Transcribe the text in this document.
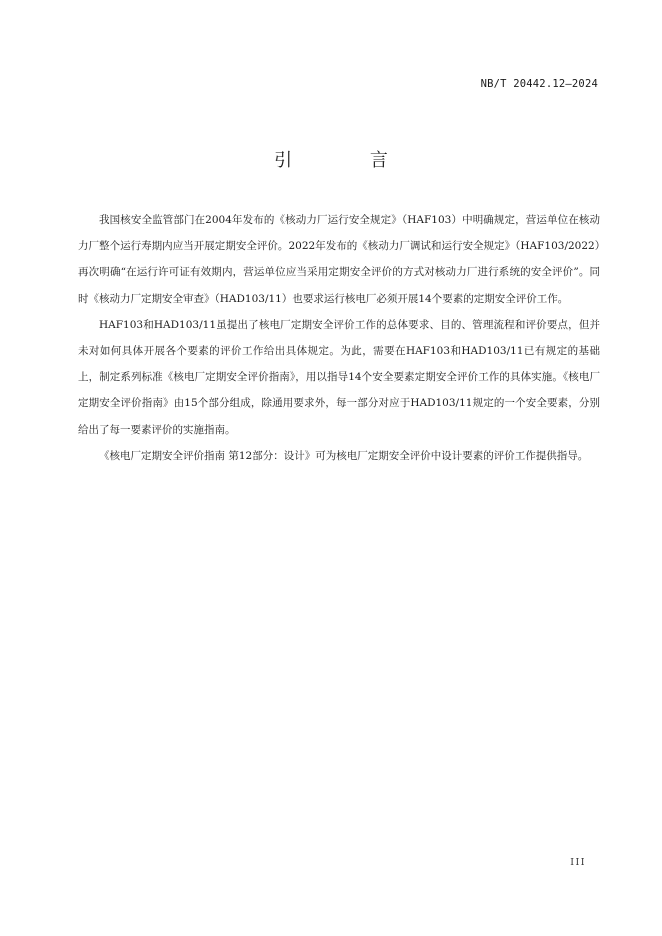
NB/T 20442.12—2024
引 言

我国核安全监管部门在2004年发布的《核动力厂运行安全规定》（HAF103）中明确规定，营运单位在核动力厂整个运行寿期内应当开展定期安全评价。2022年发布的《核动力厂调试和运行安全规定》（HAF103/2022）再次明确“在运行许可证有效期内，营运单位应当采用定期安全评价的方式对核动力厂进行系统的安全评价”。同时《核动力厂定期安全审查》（HAD103/11）也要求运行核电厂必须开展14个要素的定期安全评价工作。

HAF103和HAD103/11虽提出了核电厂定期安全评价工作的总体要求、目的、管理流程和评价要点，但并未对如何具体开展各个要素的评价工作给出具体规定。为此，需要在HAF103和HAD103/11已有规定的基础上，制定系列标准《核电厂定期安全评价指南》，用以指导14个安全要素定期安全评价工作的具体实施。《核电厂定期安全评价指南》由15个部分组成，除通用要求外，每一部分对应于HAD103/11规定的一个安全要素，分别给出了每一要素评价的实施指南。

《核电厂定期安全评价指南 第12部分：设计》可为核电厂定期安全评价中设计要素的评价工作提供指导。

III
